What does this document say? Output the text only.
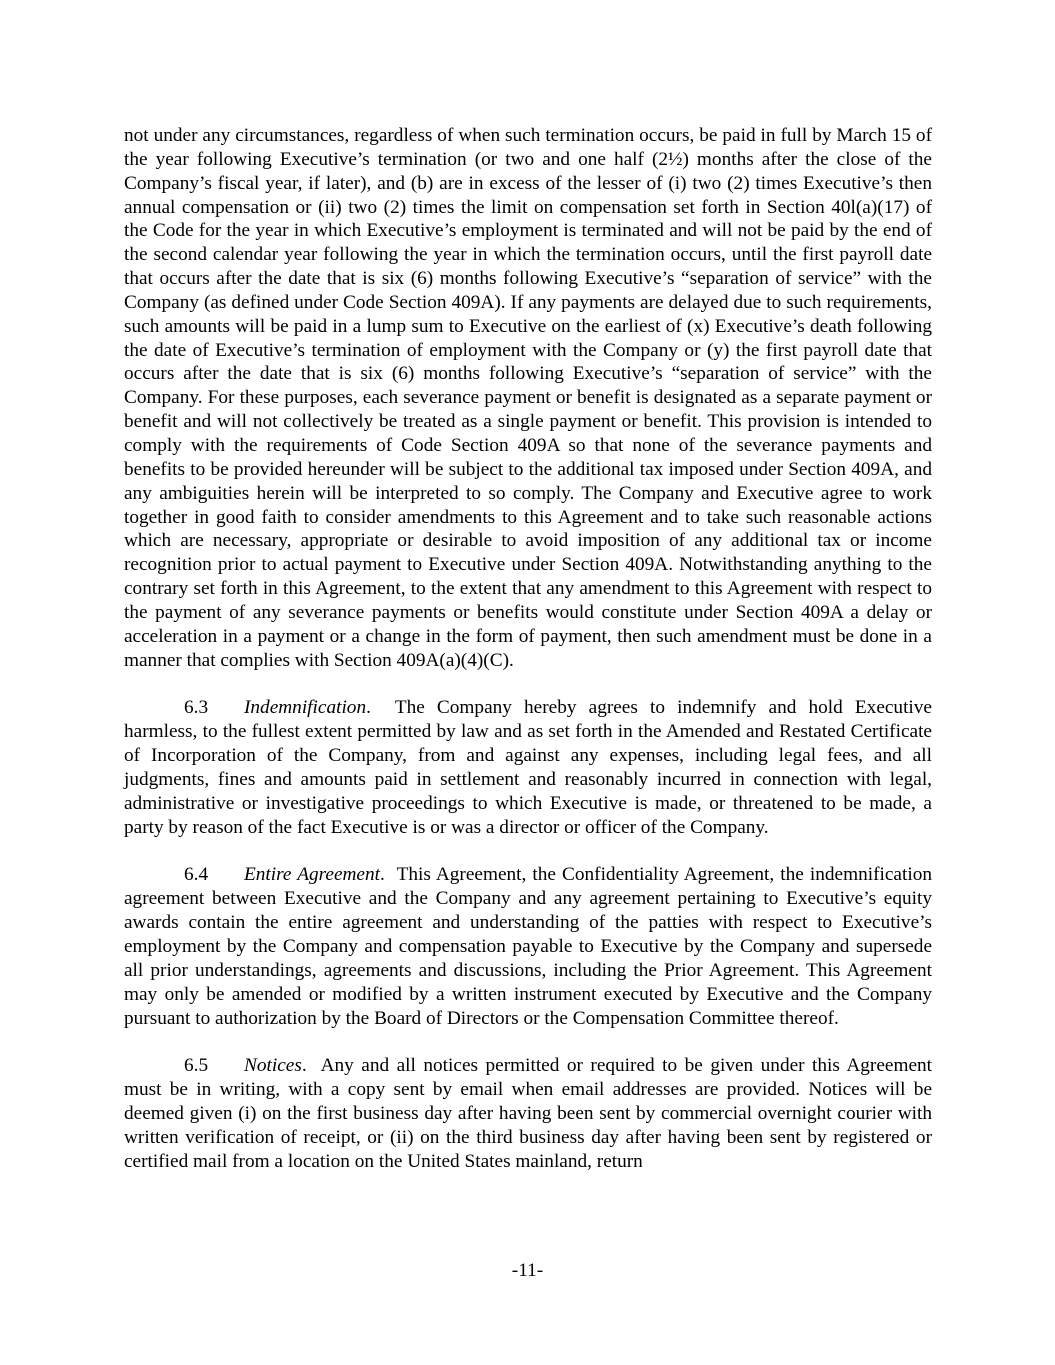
not under any circumstances, regardless of when such termination occurs, be paid in full by March 15 of the year following Executive’s termination (or two and one half (2½) months after the close of the Company’s fiscal year, if later), and (b) are in excess of the lesser of (i) two (2) times Executive’s then annual compensation or (ii) two (2) times the limit on compensation set forth in Section 40l(a)(17) of the Code for the year in which Executive’s employment is terminated and will not be paid by the end of the second calendar year following the year in which the termination occurs, until the first payroll date that occurs after the date that is six (6) months following Executive’s “separation of service” with the Company (as defined under Code Section 409A). If any payments are delayed due to such requirements, such amounts will be paid in a lump sum to Executive on the earliest of (x) Executive’s death following the date of Executive’s termination of employment with the Company or (y) the first payroll date that occurs after the date that is six (6) months following Executive’s “separation of service” with the Company. For these purposes, each severance payment or benefit is designated as a separate payment or benefit and will not collectively be treated as a single payment or benefit. This provision is intended to comply with the requirements of Code Section 409A so that none of the severance payments and benefits to be provided hereunder will be subject to the additional tax imposed under Section 409A, and any ambiguities herein will be interpreted to so comply. The Company and Executive agree to work together in good faith to consider amendments to this Agreement and to take such reasonable actions which are necessary, appropriate or desirable to avoid imposition of any additional tax or income recognition prior to actual payment to Executive under Section 409A. Notwithstanding anything to the contrary set forth in this Agreement, to the extent that any amendment to this Agreement with respect to the payment of any severance payments or benefits would constitute under Section 409A a delay or acceleration in a payment or a change in the form of payment, then such amendment must be done in a manner that complies with Section 409A(a)(4)(C).

6.3 Indemnification.  The Company hereby agrees to indemnify and hold Executive harmless, to the fullest extent permitted by law and as set forth in the Amended and Restated Certificate of Incorporation of the Company, from and against any expenses, including legal fees, and all judgments, fines and amounts paid in settlement and reasonably incurred in connection with legal, administrative or investigative proceedings to which Executive is made, or threatened to be made, a party by reason of the fact Executive is or was a director or officer of the Company.

6.4 Entire Agreement.  This Agreement, the Confidentiality Agreement, the indemnification agreement between Executive and the Company and any agreement pertaining to Executive’s equity awards contain the entire agreement and understanding of the patties with respect to Executive’s employment by the Company and compensation payable to Executive by the Company and supersede all prior understandings, agreements and discussions, including the Prior Agreement. This Agreement may only be amended or modified by a written instrument executed by Executive and the Company pursuant to authorization by the Board of Directors or the Compensation Committee thereof.

6.5 Notices.  Any and all notices permitted or required to be given under this Agreement must be in writing, with a copy sent by email when email addresses are provided. Notices will be deemed given (i) on the first business day after having been sent by commercial overnight courier with written verification of receipt, or (ii) on the third business day after having been sent by registered or certified mail from a location on the United States mainland, return

-11-
